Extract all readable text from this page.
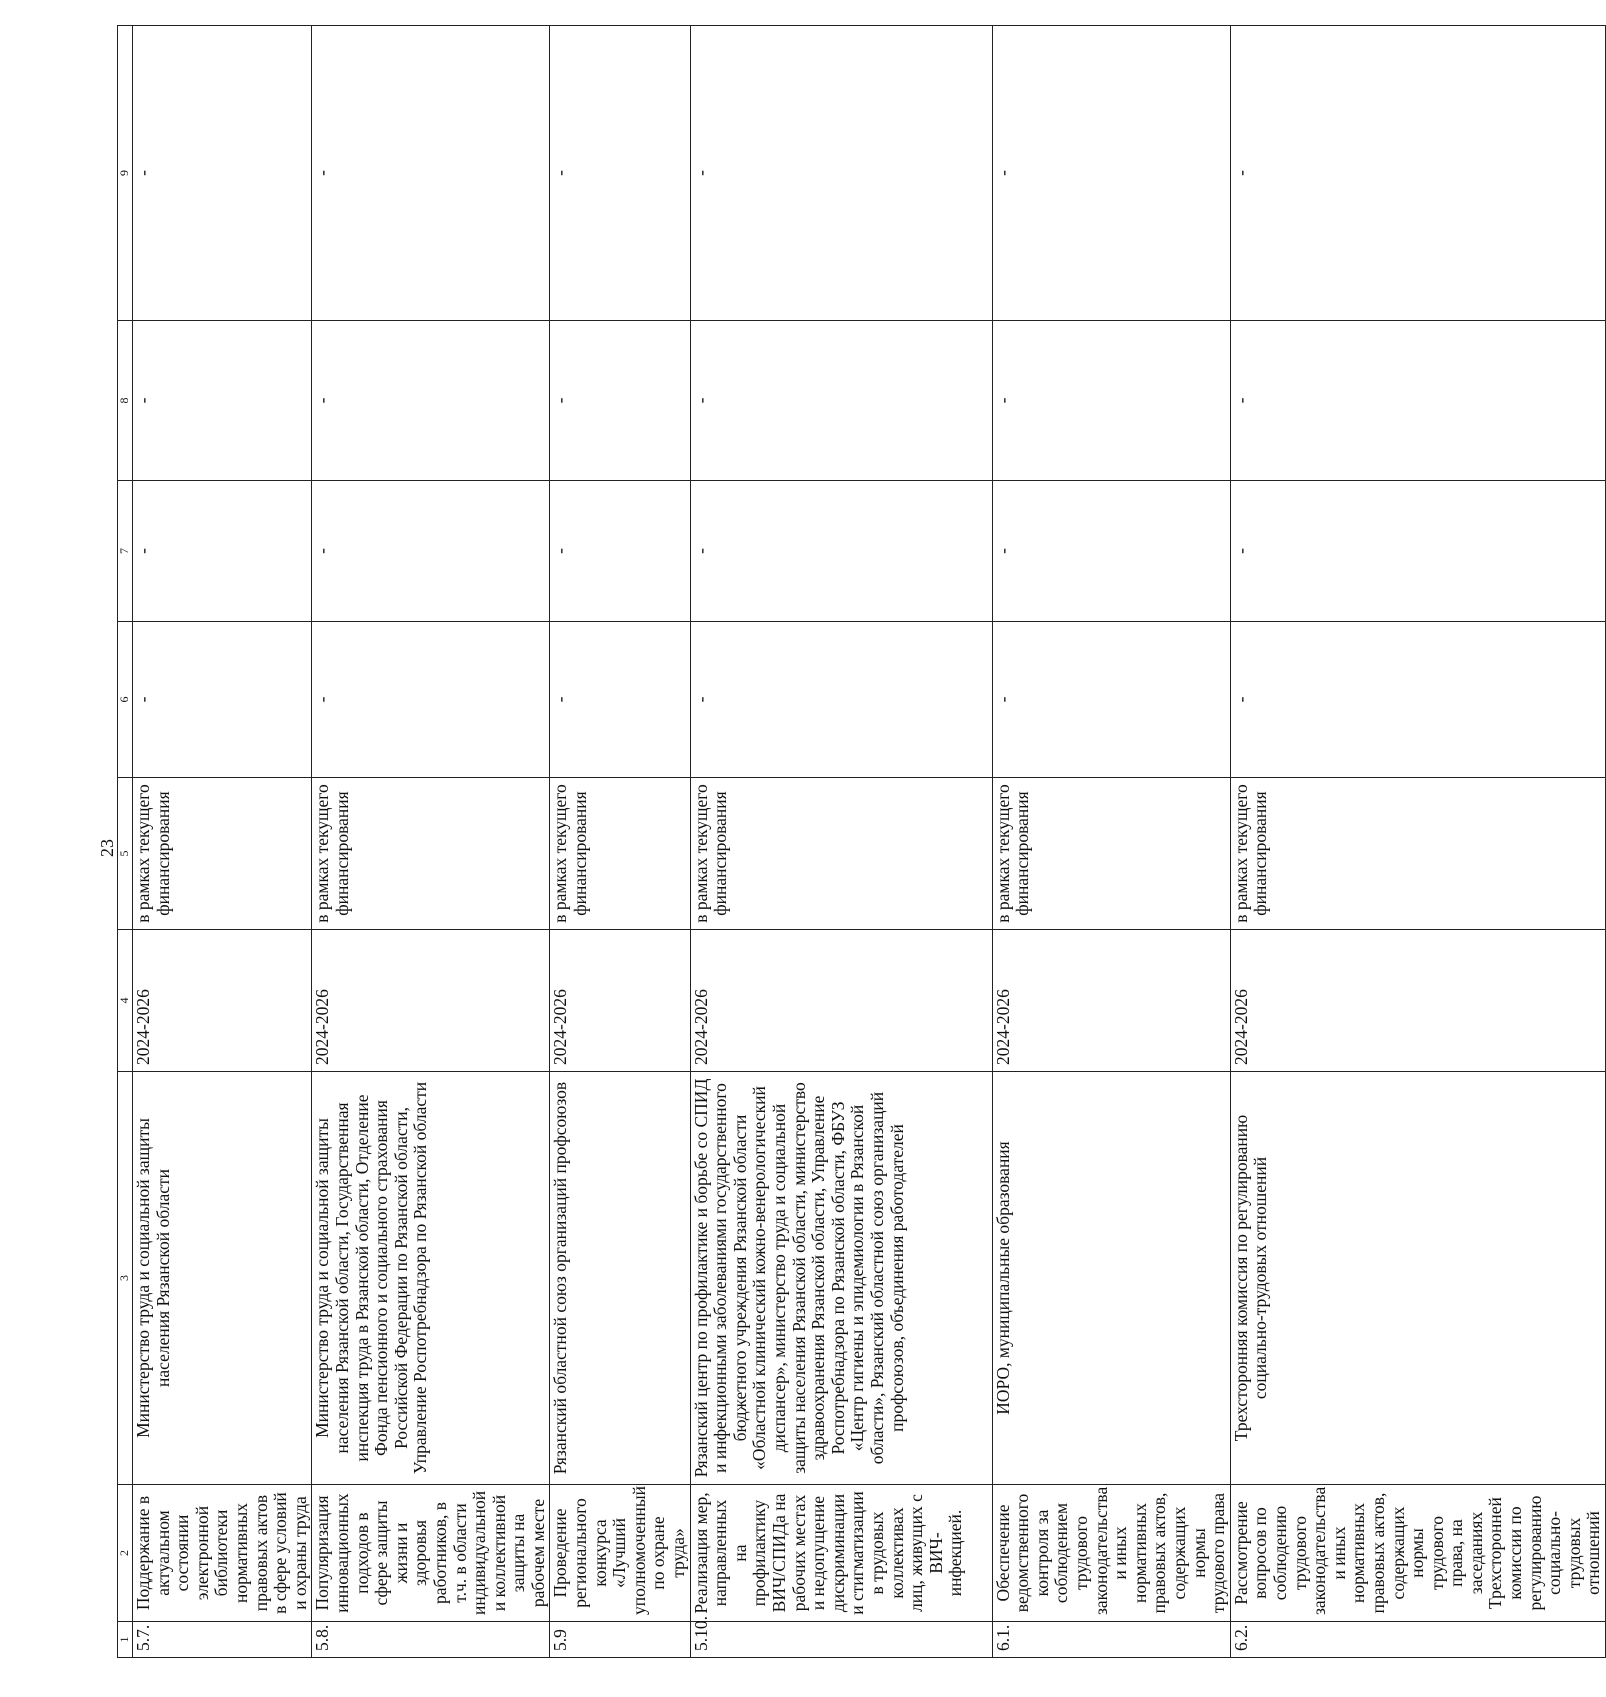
23
1	2	3	4	5	6	7	8	9
5.7.	Поддержание в актуальном состоянии электронной библиотеки нормативных правовых актов в сфере условий и охраны труда	Министерство труда и социальной защиты населения Рязанской области	2024-2026	в рамках текущего финансирования	-	-	-	-
5.8.	Популяризация инновационных подходов в сфере защиты жизни и здоровья работников, в т.ч. в области индивидуальной и коллективной защиты на рабочем месте	Министерство труда и социальной защиты населения Рязанской области, Государственная инспекция труда в Рязанской области, Отделение Фонда пенсионного и социального страхования Российской Федерации по Рязанской области, Управление Роспотребнадзора по Рязанской области	2024-2026	в рамках текущего финансирования	-	-	-	-
5.9	Проведение регионального конкурса «Лучший уполномоченный по охране труда»	Рязанский областной союз организаций профсоюзов	2024-2026	в рамках текущего финансирования	-	-	-	-
5.10.	Реализация мер, направленных на профилактику ВИЧ/СПИДа на рабочих местах и недопущение дискриминации и стигматизации в трудовых коллективах лиц, живущих с ВИЧ-инфекцией.	Рязанский центр по профилактике и борьбе со СПИД и инфекционными заболеваниями государственного бюджетного учреждения Рязанской области «Областной клинический кожно-венерологический диспансер», министерство труда и социальной защиты населения Рязанской области, министерство здравоохранения Рязанской области, Управление Роспотребнадзора по Рязанской области, ФБУЗ «Центр гигиены и эпидемиологии в Рязанской области», Рязанский областной союз организаций профсоюзов, объединения работодателей	2024-2026	в рамках текущего финансирования	-	-	-	-
6.1.	Обеспечение ведомственного контроля за соблюдением трудового законодательства и иных нормативных правовых актов, содержащих нормы трудового права	ИОРО, муниципальные образования	2024-2026	в рамках текущего финансирования	-	-	-	-
6.2.	Рассмотрение вопросов по соблюдению трудового законодательства и иных нормативных правовых актов, содержащих нормы трудового права, на заседаниях Трехсторонней комиссии по регулированию социально-трудовых отношений	Трехсторонняя комиссия по регулированию социально-трудовых отношений	2024-2026	в рамках текущего финансирования	-	-	-	-
